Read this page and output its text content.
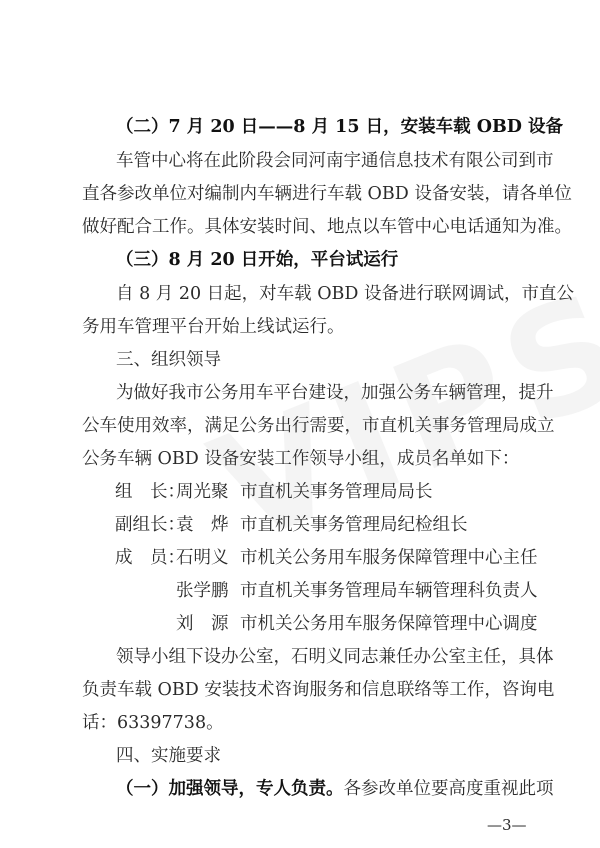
（二）7 月 20 日——8 月 15 日，安装车载 OBD 设备
车管中心将在此阶段会同河南宇通信息技术有限公司到市
直各参改单位对编制内车辆进行车载 OBD 设备安装，请各单位
做好配合工作。具体安装时间、地点以车管中心电话通知为准。
（三）8 月 20 日开始，平台试运行
自 8 月 20 日起，对车载 OBD 设备进行联网调试，市直公
务用车管理平台开始上线试运行。
三、组织领导
为做好我市公务用车平台建设，加强公务车辆管理，提升
公车使用效率，满足公务出行需要，市直机关事务管理局成立
公务车辆 OBD 设备安装工作领导小组，成员名单如下：
组　长：
周光聚 市直机关事务管理局局长
副组长：
袁　烨 市直机关事务管理局纪检组长
成　员：
石明义 市机关公务用车服务保障管理中心主任
张学鹏 市直机关事务管理局车辆管理科负责人
刘　源 市机关公务用车服务保障管理中心调度
领导小组下设办公室，石明义同志兼任办公室主任，具体
负责车载 OBD 安装技术咨询服务和信息联络等工作，咨询电
话：63397738。
四、实施要求
（一）加强领导，专人负责。各参改单位要高度重视此项
—3—
